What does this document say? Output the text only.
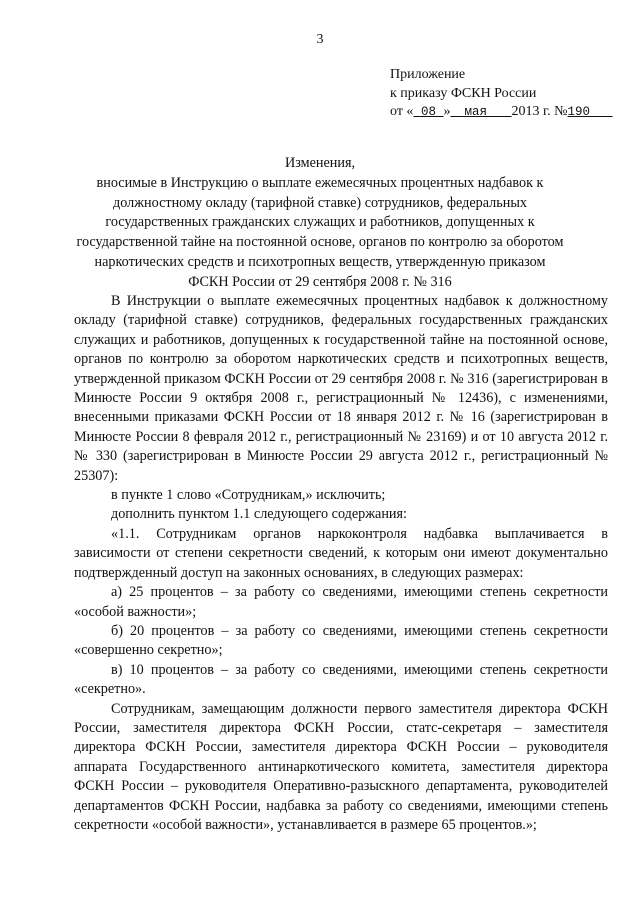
3
Приложение
к приказу ФСКН России
от « 08 » мая 2013 г. №190
Изменения,
вносимые в Инструкцию о выплате ежемесячных процентных надбавок к
должностному окладу (тарифной ставке) сотрудников, федеральных
государственных гражданских служащих и работников, допущенных к
государственной тайне на постоянной основе, органов по контролю за оборотом
наркотических средств и психотропных веществ, утвержденную приказом
ФСКН России от 29 сентября 2008 г. № 316

В Инструкции о выплате ежемесячных процентных надбавок к должностному окладу (тарифной ставке) сотрудников, федеральных государственных гражданских служащих и работников, допущенных к государственной тайне на постоянной основе, органов по контролю за оборотом наркотических средств и психотропных веществ, утвержденной приказом ФСКН России от 29 сентября 2008 г. № 316 (зарегистрирован в Минюсте России 9 октября 2008 г., регистрационный № 12436), с изменениями, внесенными приказами ФСКН России от 18 января 2012 г. № 16 (зарегистрирован в Минюсте России 8 февраля 2012 г., регистрационный № 23169) и от 10 августа 2012 г. № 330 (зарегистрирован в Минюсте России 29 августа 2012 г., регистрационный № 25307):

в пункте 1 слово «Сотрудникам,» исключить;

дополнить пунктом 1.1 следующего содержания:

«1.1. Сотрудникам органов наркоконтроля надбавка выплачивается в зависимости от степени секретности сведений, к которым они имеют документально подтвержденный доступ на законных основаниях, в следующих размерах:

а) 25 процентов – за работу со сведениями, имеющими степень секретности «особой важности»;

б) 20 процентов – за работу со сведениями, имеющими степень секретности «совершенно секретно»;

в) 10 процентов – за работу со сведениями, имеющими степень секретности «секретно».

Сотрудникам, замещающим должности первого заместителя директора ФСКН России, заместителя директора ФСКН России, статс-секретаря – заместителя директора ФСКН России, заместителя директора ФСКН России – руководителя аппарата Государственного антинаркотического комитета, заместителя директора ФСКН России – руководителя Оперативно-разыскного департамента, руководителей департаментов ФСКН России, надбавка за работу со сведениями, имеющими степень секретности «особой важности», устанавливается в размере 65 процентов.»;
